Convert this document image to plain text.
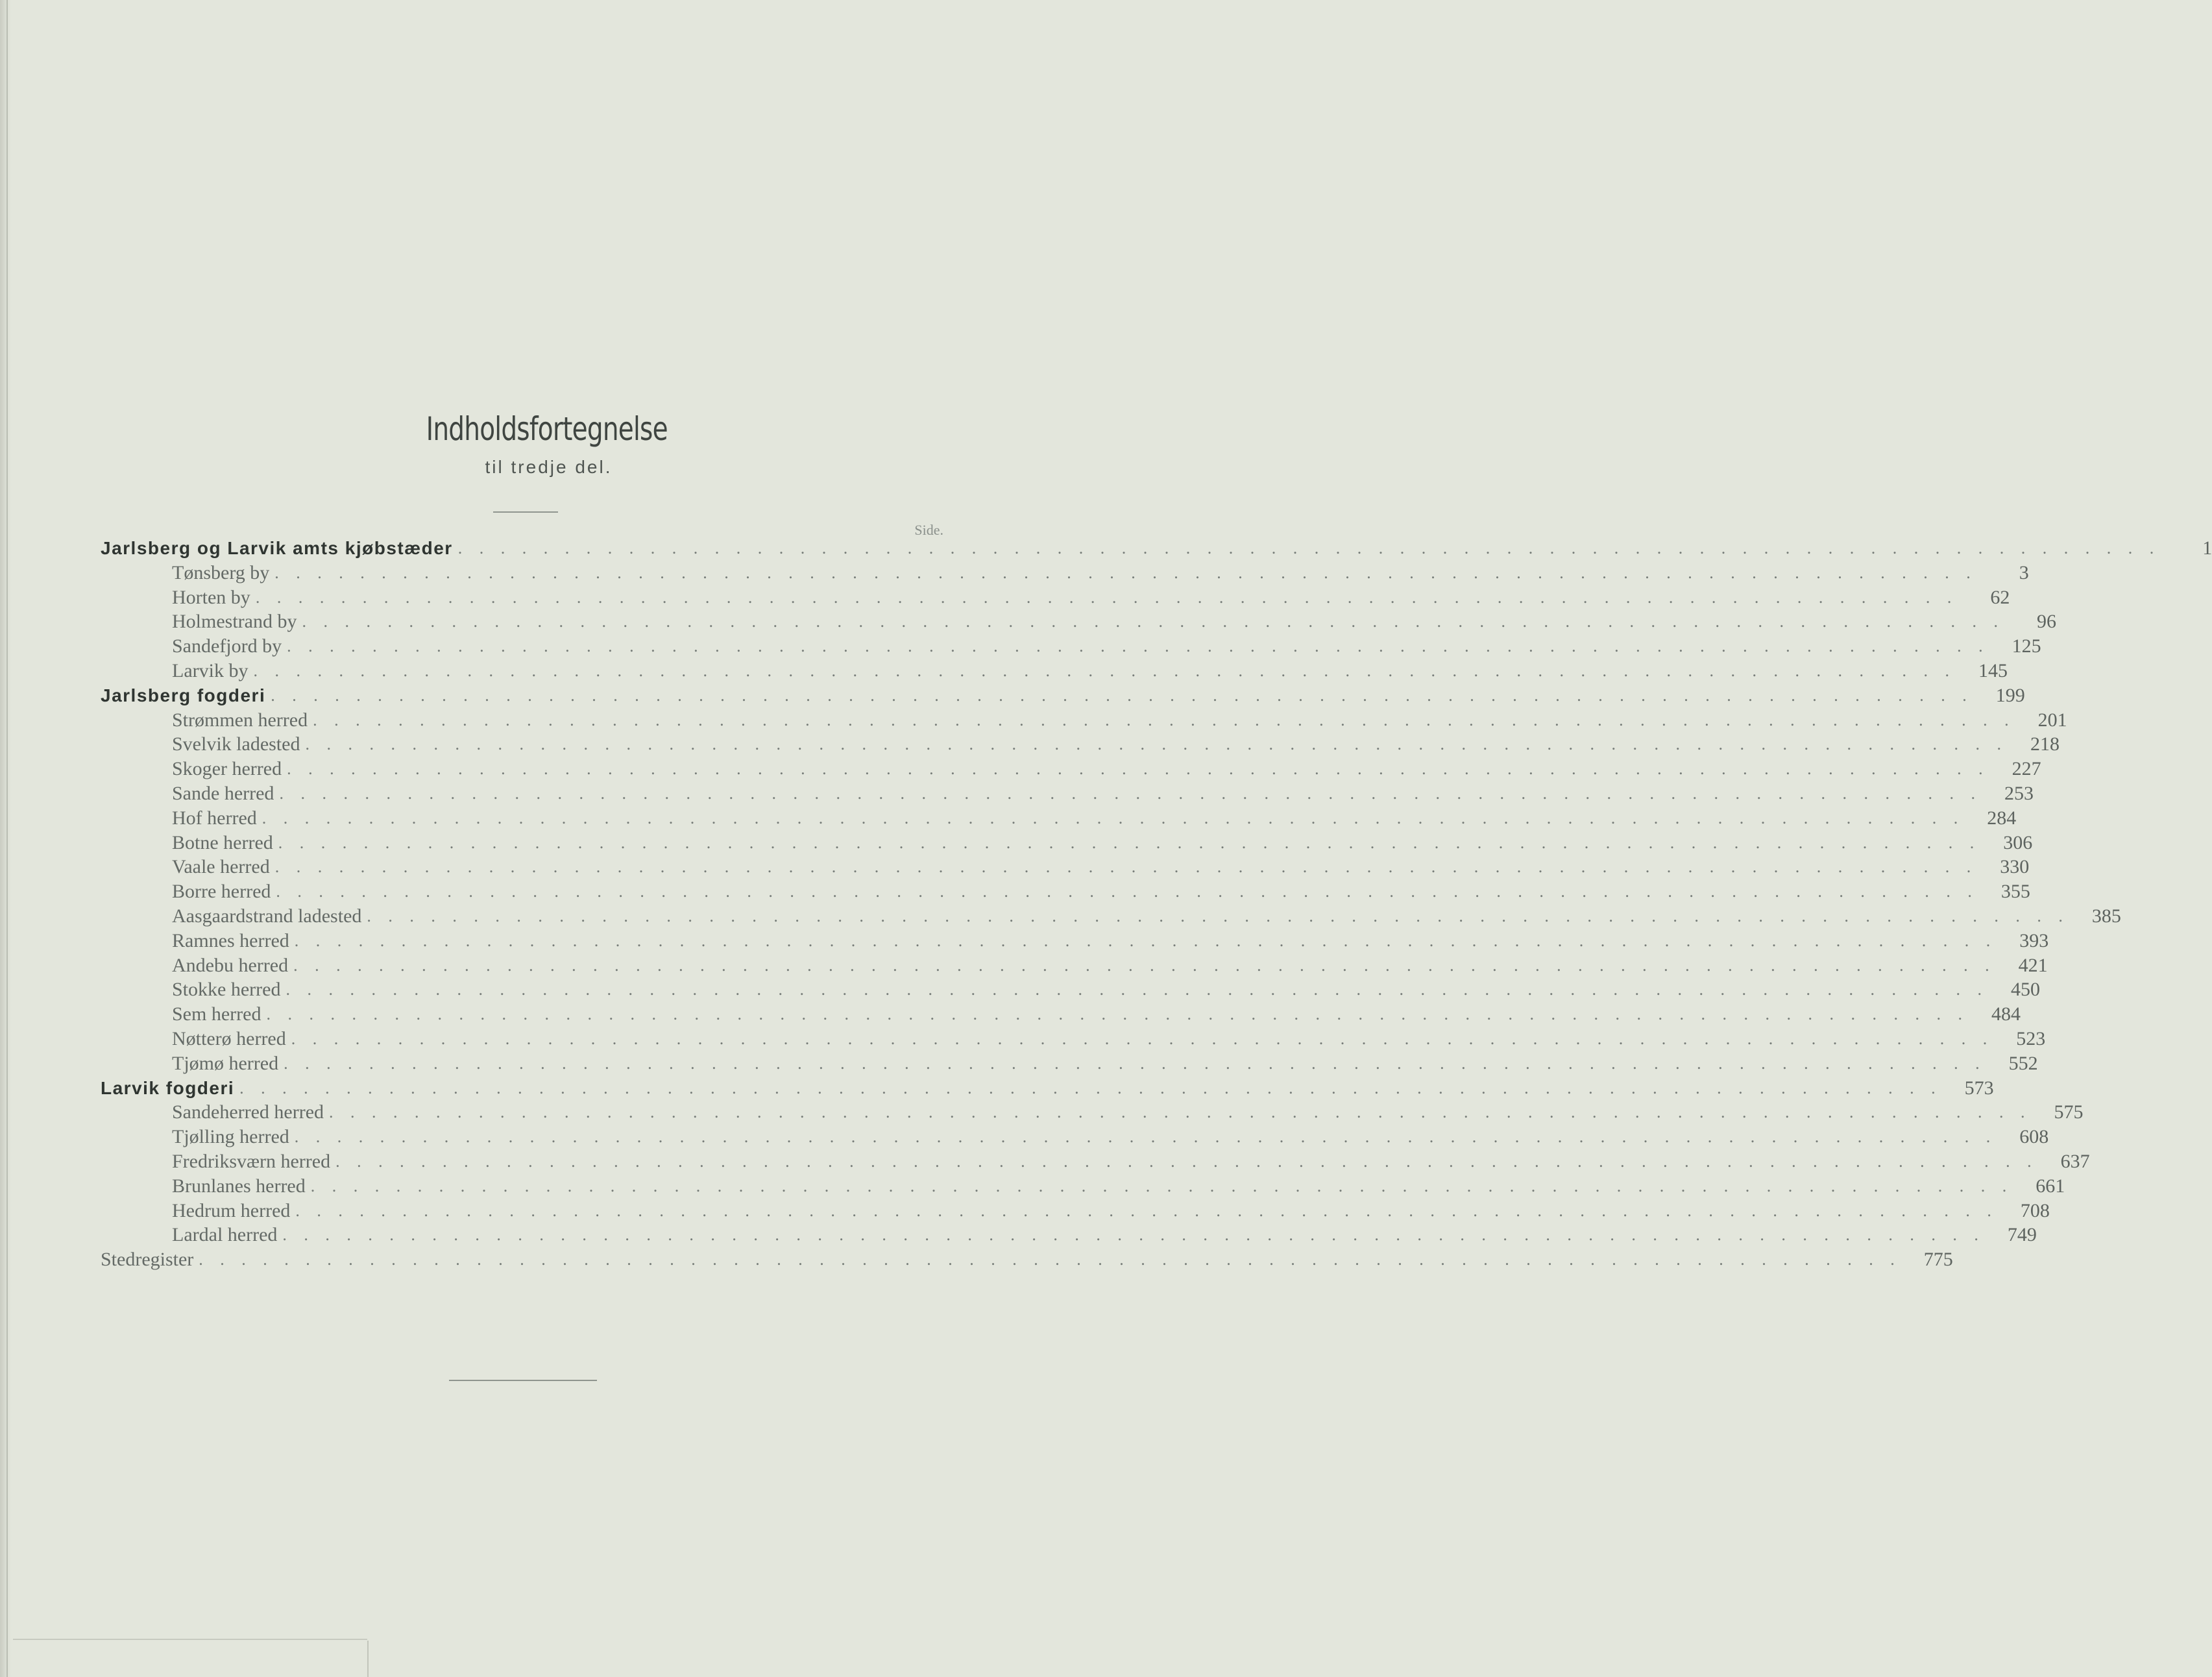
Indholdsfortegnelse
til tredje del.
Side.
Jarlsberg og Larvik amts kjøbstæder . . . . . . . . . . . . . . . . . . . . . . . . . . . . . . . . . . . . . . . . . . . . . . . . . . . . . . . . . . . . . . . . . . . . . . . . . . . . . . . .	1
Tønsberg by . . . . . . . . . . . . . . . . . . . . . . . . . . . . . . . . . . . . . . . . . . . . . . . . . . . . . . . . . . . . . . . . . . . . . . . . . . . . . . . .	3
Horten by . . . . . . . . . . . . . . . . . . . . . . . . . . . . . . . . . . . . . . . . . . . . . . . . . . . . . . . . . . . . . . . . . . . . . . . . . . . . . . . .	62
Holmestrand by . . . . . . . . . . . . . . . . . . . . . . . . . . . . . . . . . . . . . . . . . . . . . . . . . . . . . . . . . . . . . . . . . . . . . . . . . . . . . . . .	96
Sandefjord by . . . . . . . . . . . . . . . . . . . . . . . . . . . . . . . . . . . . . . . . . . . . . . . . . . . . . . . . . . . . . . . . . . . . . . . . . . . . . . . .	125
Larvik by . . . . . . . . . . . . . . . . . . . . . . . . . . . . . . . . . . . . . . . . . . . . . . . . . . . . . . . . . . . . . . . . . . . . . . . . . . . . . . . .	145
Jarlsberg fogderi . . . . . . . . . . . . . . . . . . . . . . . . . . . . . . . . . . . . . . . . . . . . . . . . . . . . . . . . . . . . . . . . . . . . . . . . . . . . . . . .	199
Strømmen herred . . . . . . . . . . . . . . . . . . . . . . . . . . . . . . . . . . . . . . . . . . . . . . . . . . . . . . . . . . . . . . . . . . . . . . . . . . . . . . . .	201
Svelvik ladested . . . . . . . . . . . . . . . . . . . . . . . . . . . . . . . . . . . . . . . . . . . . . . . . . . . . . . . . . . . . . . . . . . . . . . . . . . . . . . . .	218
Skoger herred . . . . . . . . . . . . . . . . . . . . . . . . . . . . . . . . . . . . . . . . . . . . . . . . . . . . . . . . . . . . . . . . . . . . . . . . . . . . . . . .	227
Sande herred . . . . . . . . . . . . . . . . . . . . . . . . . . . . . . . . . . . . . . . . . . . . . . . . . . . . . . . . . . . . . . . . . . . . . . . . . . . . . . . .	253
Hof herred . . . . . . . . . . . . . . . . . . . . . . . . . . . . . . . . . . . . . . . . . . . . . . . . . . . . . . . . . . . . . . . . . . . . . . . . . . . . . . . .	284
Botne herred . . . . . . . . . . . . . . . . . . . . . . . . . . . . . . . . . . . . . . . . . . . . . . . . . . . . . . . . . . . . . . . . . . . . . . . . . . . . . . . .	306
Vaale herred . . . . . . . . . . . . . . . . . . . . . . . . . . . . . . . . . . . . . . . . . . . . . . . . . . . . . . . . . . . . . . . . . . . . . . . . . . . . . . . .	330
Borre herred . . . . . . . . . . . . . . . . . . . . . . . . . . . . . . . . . . . . . . . . . . . . . . . . . . . . . . . . . . . . . . . . . . . . . . . . . . . . . . . .	355
Aasgaardstrand ladested . . . . . . . . . . . . . . . . . . . . . . . . . . . . . . . . . . . . . . . . . . . . . . . . . . . . . . . . . . . . . . . . . . . . . . . . . . . . . . . .	385
Ramnes herred . . . . . . . . . . . . . . . . . . . . . . . . . . . . . . . . . . . . . . . . . . . . . . . . . . . . . . . . . . . . . . . . . . . . . . . . . . . . . . . .	393
Andebu herred . . . . . . . . . . . . . . . . . . . . . . . . . . . . . . . . . . . . . . . . . . . . . . . . . . . . . . . . . . . . . . . . . . . . . . . . . . . . . . . .	421
Stokke herred . . . . . . . . . . . . . . . . . . . . . . . . . . . . . . . . . . . . . . . . . . . . . . . . . . . . . . . . . . . . . . . . . . . . . . . . . . . . . . . .	450
Sem herred . . . . . . . . . . . . . . . . . . . . . . . . . . . . . . . . . . . . . . . . . . . . . . . . . . . . . . . . . . . . . . . . . . . . . . . . . . . . . . . .	484
Nøtterø herred . . . . . . . . . . . . . . . . . . . . . . . . . . . . . . . . . . . . . . . . . . . . . . . . . . . . . . . . . . . . . . . . . . . . . . . . . . . . . . . .	523
Tjømø herred . . . . . . . . . . . . . . . . . . . . . . . . . . . . . . . . . . . . . . . . . . . . . . . . . . . . . . . . . . . . . . . . . . . . . . . . . . . . . . . .	552
Larvik fogderi . . . . . . . . . . . . . . . . . . . . . . . . . . . . . . . . . . . . . . . . . . . . . . . . . . . . . . . . . . . . . . . . . . . . . . . . . . . . . . . .	573
Sandeherred herred . . . . . . . . . . . . . . . . . . . . . . . . . . . . . . . . . . . . . . . . . . . . . . . . . . . . . . . . . . . . . . . . . . . . . . . . . . . . . . . .	575
Tjølling herred . . . . . . . . . . . . . . . . . . . . . . . . . . . . . . . . . . . . . . . . . . . . . . . . . . . . . . . . . . . . . . . . . . . . . . . . . . . . . . . .	608
Fredriksværn herred . . . . . . . . . . . . . . . . . . . . . . . . . . . . . . . . . . . . . . . . . . . . . . . . . . . . . . . . . . . . . . . . . . . . . . . . . . . . . . . .	637
Brunlanes herred . . . . . . . . . . . . . . . . . . . . . . . . . . . . . . . . . . . . . . . . . . . . . . . . . . . . . . . . . . . . . . . . . . . . . . . . . . . . . . . .	661
Hedrum herred . . . . . . . . . . . . . . . . . . . . . . . . . . . . . . . . . . . . . . . . . . . . . . . . . . . . . . . . . . . . . . . . . . . . . . . . . . . . . . . .	708
Lardal herred . . . . . . . . . . . . . . . . . . . . . . . . . . . . . . . . . . . . . . . . . . . . . . . . . . . . . . . . . . . . . . . . . . . . . . . . . . . . . . . .	749
Stedregister . . . . . . . . . . . . . . . . . . . . . . . . . . . . . . . . . . . . . . . . . . . . . . . . . . . . . . . . . . . . . . . . . . . . . . . . . . . . . . . .	775
